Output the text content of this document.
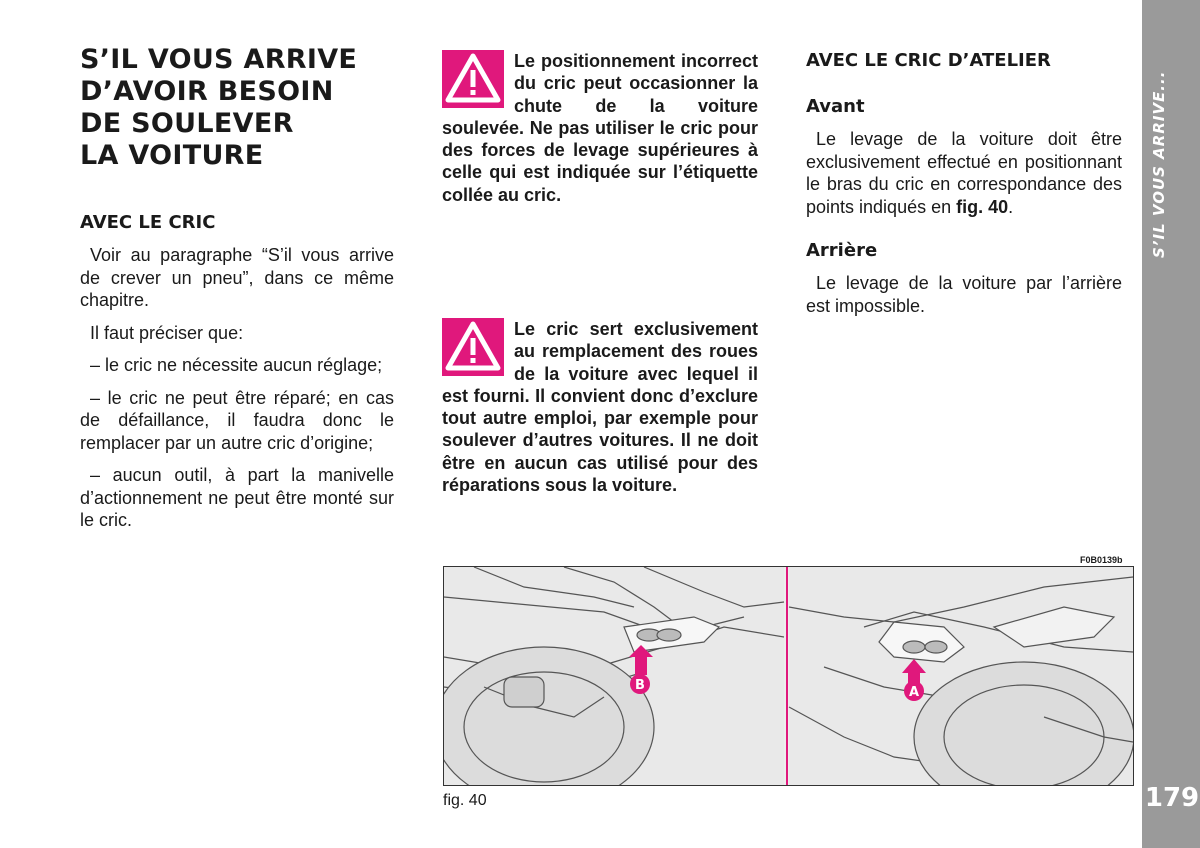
S’IL VOUS ARRIVE
D’AVOIR BESOIN
DE SOULEVER
LA VOITURE
AVEC LE CRIC

Voir au paragraphe “S’il vous arrive de crever un pneu”, dans ce même chapitre.

Il faut préciser que:

– le cric ne nécessite aucun réglage;

– le cric ne peut être réparé; en cas de défaillance, il faudra donc le remplacer par un autre cric d’origine;

– aucun outil, à part la manivelle d’actionnement ne peut être monté sur le cric.

Le positionnement incorrect du cric peut occasionner la chute de la voiture soulevée. Ne pas utiliser le cric pour des forces de levage supérieures à celle qui est indiquée sur l’étiquette collée au cric.
Le cric sert exclusivement au remplacement des roues de la voiture avec lequel il est fourni. Il convient donc d’exclure tout autre emploi, par exemple pour soulever d’autres voitures. Il ne doit être en aucun cas utilisé pour des réparations sous la voiture.
AVEC LE CRIC D’ATELIER
Avant

Le levage de la voiture doit être exclusivement effectué en positionnant le bras du cric en correspondance des points indiqués en fig. 40.

Arrière

Le levage de la voiture par l’arrière est impossible.

F0B0139b
B	A
fig. 40
S’IL VOUS ARRIVE...
179
